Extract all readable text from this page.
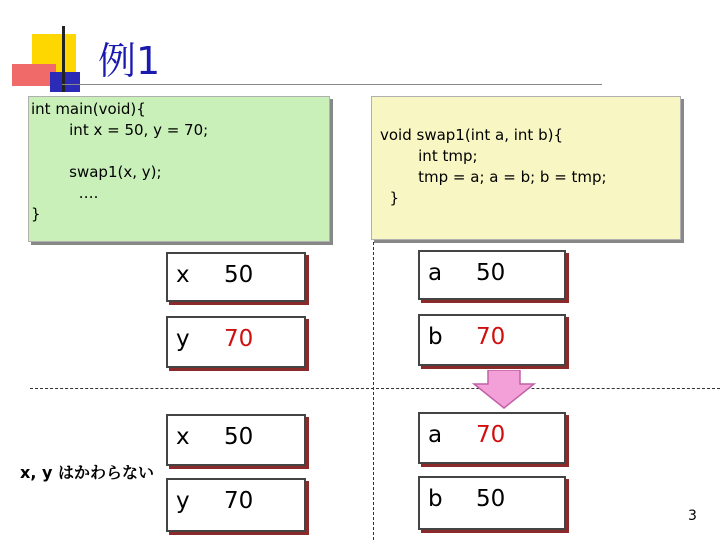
例1
int main(void){
int x = 50, y = 70;

swap1(x, y);
….
}
void swap1(int a, int b){
int tmp;
tmp = a; a = b; b = tmp;
}
x 50
y 70
a 50
b 70
x 50
y 70
a 70
b 50
x, y はかわらない
3
